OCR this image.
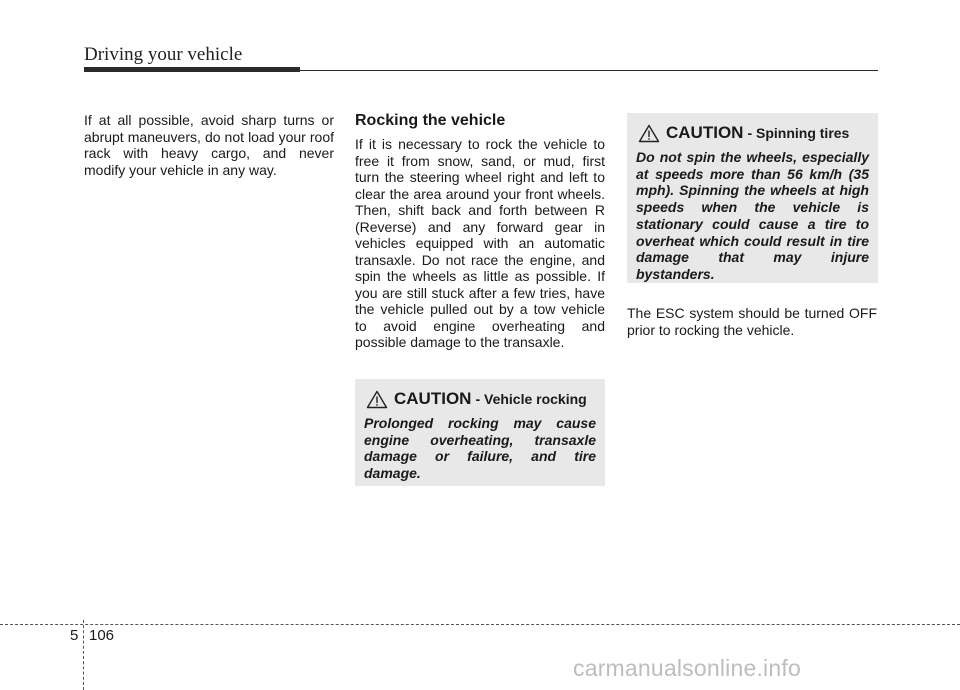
Driving your vehicle

If at all possible, avoid sharp turns or abrupt maneuvers, do not load your roof rack with heavy cargo, and never modify your vehicle in any way.

Rocking the vehicle

If it is necessary to rock the vehicle to free it from snow, sand, or mud, first turn the steering wheel right and left to clear the area around your front wheels. Then, shift back and forth between R (Reverse) and any forward gear in vehicles equipped with an automatic transaxle. Do not race the engine, and spin the wheels as little as possible. If you are still stuck after a few tries, have the vehicle pulled out by a tow vehicle to avoid engine overheating and possible damage to the transaxle.

CAUTION - Vehicle rocking

Prolonged rocking may cause engine overheating, transaxle damage or failure, and tire damage.

CAUTION - Spinning tires

Do not spin the wheels, especially at speeds more than 56 km/h (35 mph). Spinning the wheels at high speeds when the vehicle is stationary could cause a tire to overheat which could result in tire damage that may injure bystanders.

The ESC system should be turned OFF prior to rocking the vehicle.

5 106
carmanualsonline.info
